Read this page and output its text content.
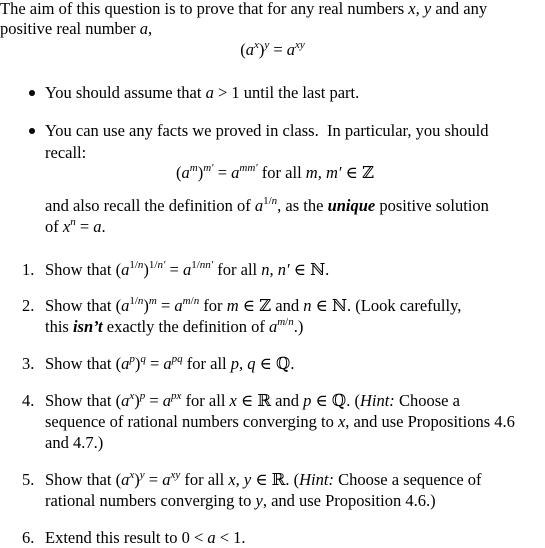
The aim of this question is to prove that for any real numbers x, y and any
positive real number a,
$(a^x)^y = a^{xy}$
You should assume that a > 1 until the last part.
You can use any facts we proved in class.  In particular, you should
recall:
$(a^m)^{m'} = a^{mm'}$ for all m, m′ ∈ ℤ
and also recall the definition of $a^{1/n}$, as the unique positive solution
of $x^n = a$.
1. Show that $(a^{1/n})^{1/n'} = a^{1/nn'}$ for all n, n′ ∈ ℕ.
2. Show that $(a^{1/n})^m = a^{m/n}$ for m ∈ ℤ and n ∈ ℕ. (Look carefully,
this isn’t exactly the definition of $a^{m/n}$.)
3. Show that $(a^p)^q = a^{pq}$ for all p, q ∈ ℚ.
4. Show that $(a^x)^p = a^{px}$ for all x ∈ ℝ and p ∈ ℚ. (Hint: Choose a
sequence of rational numbers converging to x, and use Propositions 4.6
and 4.7.)
5. Show that $(a^x)^y = a^{xy}$ for all x, y ∈ ℝ. (Hint: Choose a sequence of
rational numbers converging to y, and use Proposition 4.6.)
6. Extend this result to 0 < a < 1.
